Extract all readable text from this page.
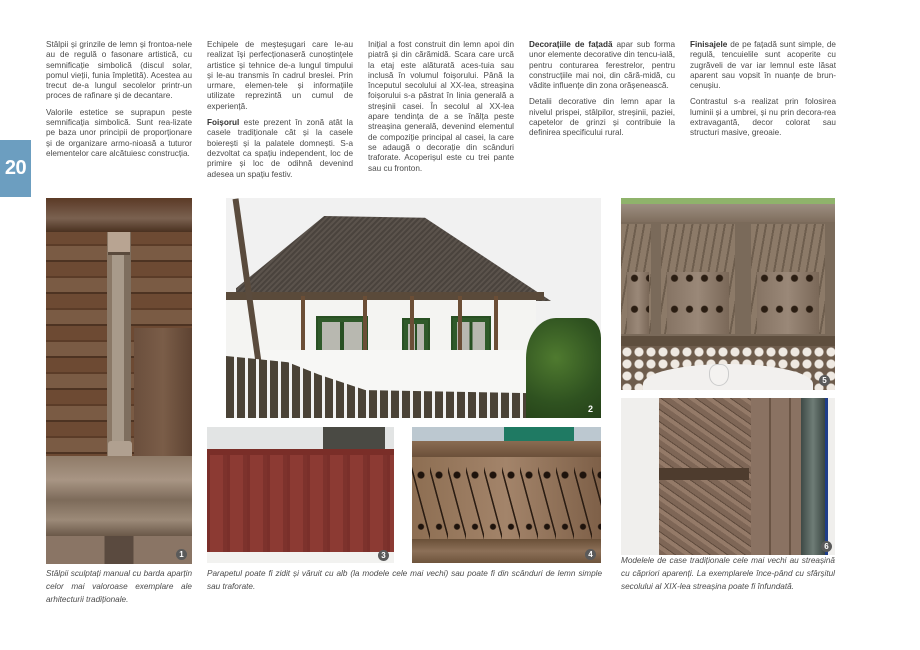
20

Stâlpii și grinzile de lemn și frontoa-nele au de regulă o fasonare artistică, cu semnificație simbolică (discul solar, pomul vieții, funia împletită). Acestea au trecut de-a lungul secolelor printr-un proces de rafinare și de decantare.

Valorile estetice se suprapun peste semnificația simbolică. Sunt rea-lizate pe baza unor principii de proporționare și de organizare armo-nioasă a tuturor elementelor care alcătuiesc construcția.

Echipele de meșteșugari care le-au realizat își perfecționaseră cunoștințele artistice și tehnice de-a lungul timpului și le-au transmis în cadrul breslei. Prin urmare, elemen-tele și informațiile utilizate reprezintă un cumul de experiență.

Foișorul este prezent în zonă atât la casele tradiționale cât și la casele boierești și la palatele domnești. S-a dezvoltat ca spațiu independent, loc de primire și loc de odihnă devenind adesea un spațiu festiv.

Inițial a fost construit din lemn apoi din piatră și din cărămidă. Scara care urcă la etaj este alăturată aces-tuia sau inclusă în volumul foișorului. Până la începutul secolului al XX-lea, streașina foișorului s-a păstrat în linia generală a streșinii casei. În secolul al XX-lea apare tendința de a se înălța peste streașina generală, devenind elementul de compoziție principal al casei, la care se adaugă o decorație din scânduri traforate. Acoperișul este cu trei pante sau cu fronton.

Decorațiile de fațadă apar sub forma unor elemente decorative din tencu-ială, pentru conturarea ferestrelor, pentru construcțiile mai noi, din cără-midă, cu vădite influențe din zona orășenească.

Detalii decorative din lemn apar la nivelul prispei, stâlpilor, streșinii, paziei, capetelor de grinzi și contribuie la definirea specificului rural.

Finisajele de pe fațadă sunt simple, de regulă, tencuielile sunt acoperite cu zugrăveli de var iar lemnul este lăsat aparent sau vopsit în nuanțe de brun-cenușiu.

Contrastul s-a realizat prin folosirea luminii și a umbrei, și nu prin decora-rea extravagantă, decor colorat sau structuri masive, greoaie.

1
2
3	4
5
6
Stâlpii sculptați manual cu barda aparțin celor mai valoroase exemplare ale arhitecturii tradiționale.
Parapetul poate fi zidit și văruit cu alb (la modele cele mai vechi) sau poate fi din scânduri de lemn simple sau traforate.
Modelele de case tradiționale cele mai vechi au streașină cu căpriori aparenți. La exemplarele înce-pând cu sfârșitul secolului al XIX-lea streașina poate fi înfundată.
